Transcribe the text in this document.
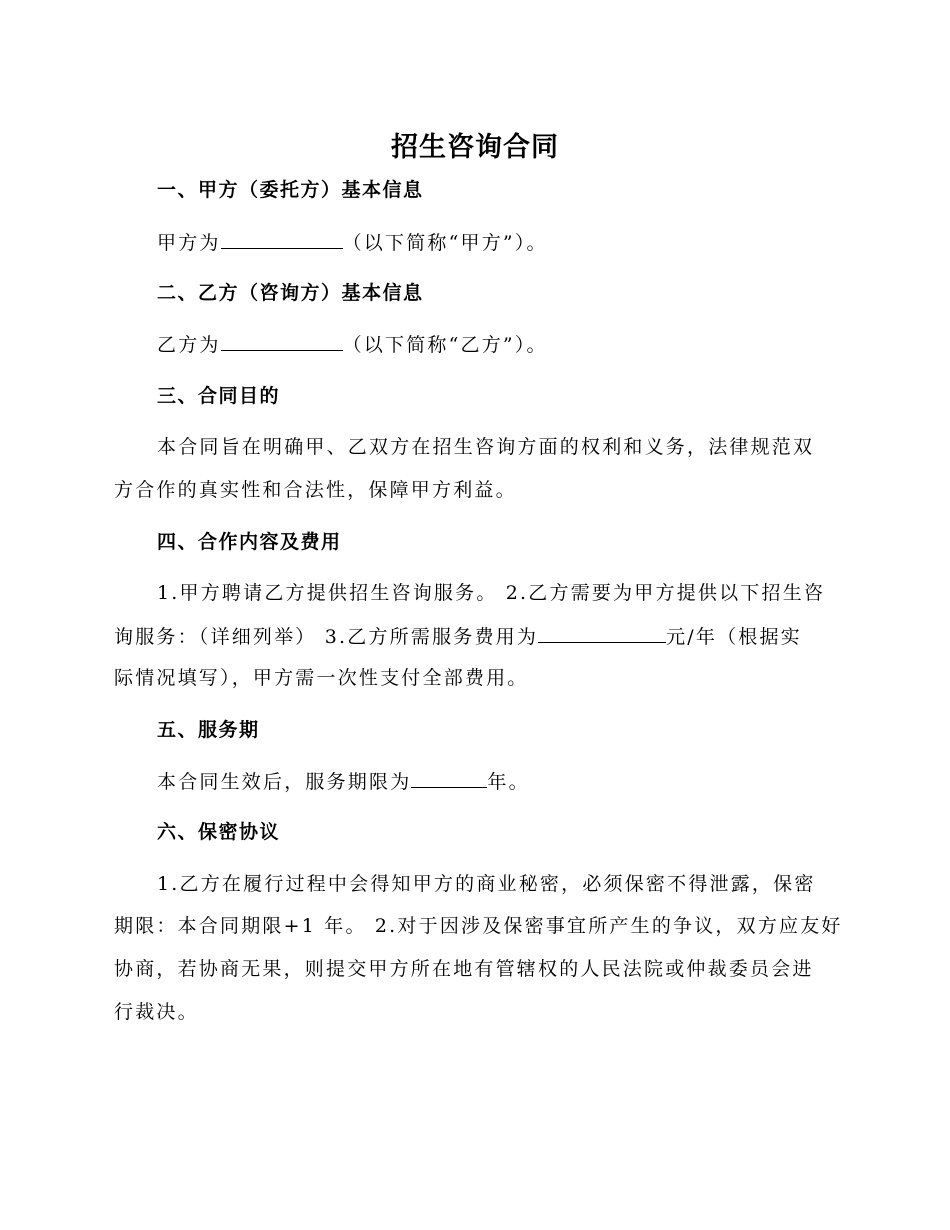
招生咨询合同
一、甲方（委托方）基本信息
甲方为	（以下简称“甲方”）。
二、乙方（咨询方）基本信息
乙方为	（以下简称“乙方”）。
三、合同目的
本合同旨在明确甲、乙双方在招生咨询方面的权利和义务，法律规范双
方合作的真实性和合法性，保障甲方利益。
四、合作内容及费用
1.甲方聘请乙方提供招生咨询服务。 2.乙方需要为甲方提供以下招生咨
询服务：（详细列举） 3.乙方所需服务费用为	元/年（根据实
际情况填写），甲方需一次性支付全部费用。
五、服务期
本合同生效后，服务期限为	年。
六、保密协议
1.乙方在履行过程中会得知甲方的商业秘密，必须保密不得泄露，保密
期限：本合同期限+1 年。 2.对于因涉及保密事宜所产生的争议，双方应友好
协商，若协商无果，则提交甲方所在地有管辖权的人民法院或仲裁委员会进
行裁决。
